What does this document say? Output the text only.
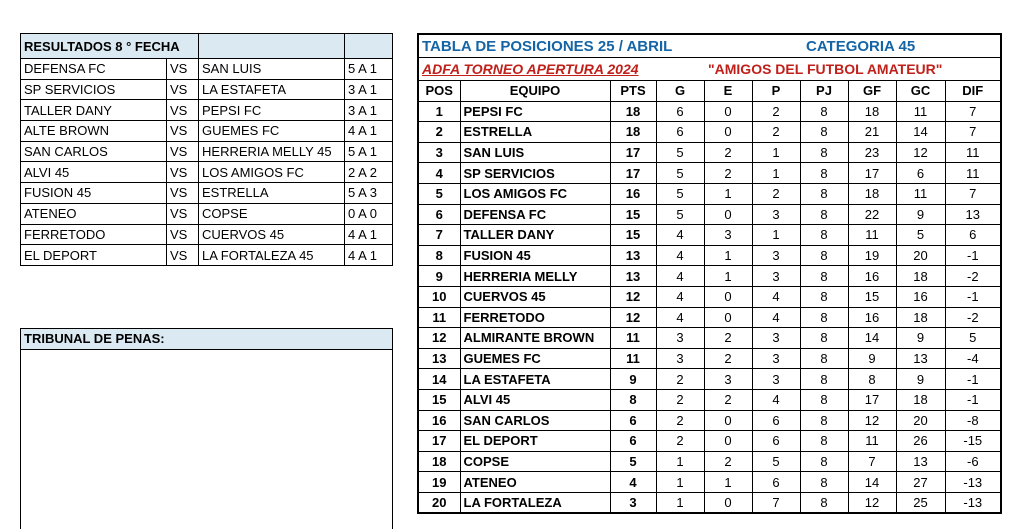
RESULTADOS 8 ° FECHA			
DEFENSA FC	VS	SAN LUIS	5 A 1
SP SERVICIOS	VS	LA ESTAFETA	3 A 1
TALLER DANY	VS	PEPSI FC	3 A 1
ALTE BROWN	VS	GUEMES FC	4 A 1
SAN CARLOS	VS	HERRERIA MELLY 45	5 A 1
ALVI 45	VS	LOS AMIGOS FC	2 A 2
FUSION 45	VS	ESTRELLA	5 A 3
ATENEO	VS	COPSE	0 A 0
FERRETODO	VS	CUERVOS 45	4 A 1
EL DEPORT	VS	LA FORTALEZA 45	4 A 1
TRIBUNAL DE PENAS:
TABLA DE POSICIONES 25 / ABRIL CATEGORIA 45									

ADFA TORNEO APERTURA 2024 "AMIGOS DEL FUTBOL AMATEUR"									

POS	EQUIPO	PTS	G	E	P	PJ	GF	GC	DIF
1	PEPSI FC	18	6	0	2	8	18	11	7
2	ESTRELLA	18	6	0	2	8	21	14	7
3	SAN LUIS	17	5	2	1	8	23	12	11
4	SP SERVICIOS	17	5	2	1	8	17	6	11
5	LOS AMIGOS FC	16	5	1	2	8	18	11	7
6	DEFENSA FC	15	5	0	3	8	22	9	13
7	TALLER DANY	15	4	3	1	8	11	5	6
8	FUSION 45	13	4	1	3	8	19	20	-1
9	HERRERIA MELLY	13	4	1	3	8	16	18	-2
10	CUERVOS 45	12	4	0	4	8	15	16	-1
11	FERRETODO	12	4	0	4	8	16	18	-2
12	ALMIRANTE BROWN	11	3	2	3	8	14	9	5
13	GUEMES FC	11	3	2	3	8	9	13	-4
14	LA ESTAFETA	9	2	3	3	8	8	9	-1
15	ALVI 45	8	2	2	4	8	17	18	-1
16	SAN CARLOS	6	2	0	6	8	12	20	-8
17	EL DEPORT	6	2	0	6	8	11	26	-15
18	COPSE	5	1	2	5	8	7	13	-6
19	ATENEO	4	1	1	6	8	14	27	-13
20	LA FORTALEZA	3	1	0	7	8	12	25	-13
